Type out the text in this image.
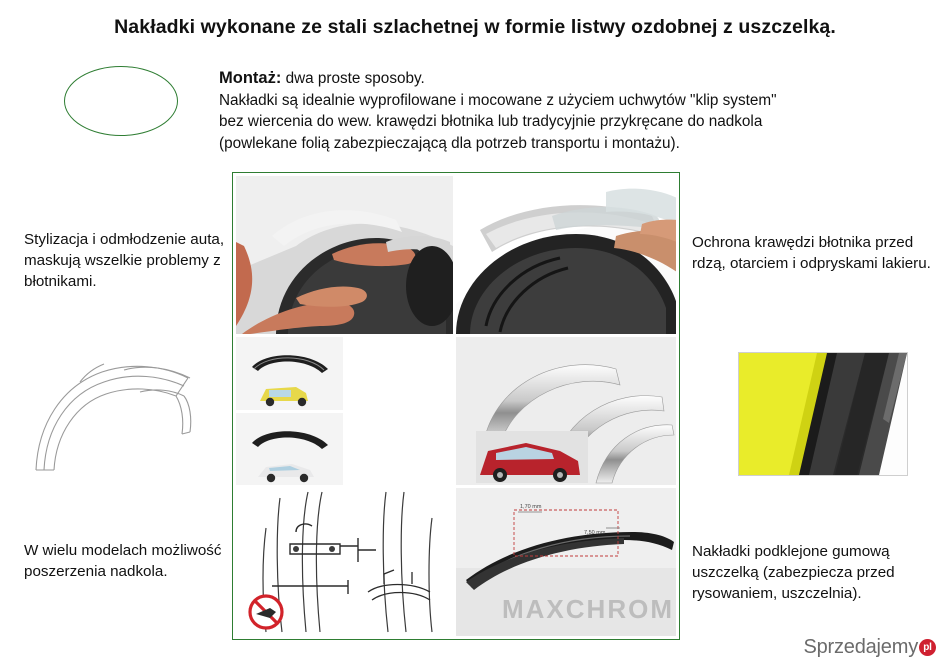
Nakładki wykonane ze stali szlachetnej w formie listwy ozdobnej z uszczelką.
Montaż: dwa proste sposoby.
Nakładki są idealnie wyprofilowane i mocowane z użyciem uchwytów "klip system"
bez wiercenia do wew. krawędzi błotnika lub tradycyjnie przykręcane do nadkola
(powlekane folią zabezpieczającą dla potrzeb transportu i montażu).
1,70 mm
7,50 mm
MAXCHROM
Stylizacja i odmłodzenie auta, maskują wszelkie problemy z błotnikami.
W wielu modelach możliwość poszerzenia nadkola.
Ochrona krawędzi błotnika przed rdzą, otarciem i odpryskami lakieru.
Nakładki podklejone gumową uszczelką (zabezpiecza przed rysowaniem, uszczelnia).
Sprzedajemy pl
